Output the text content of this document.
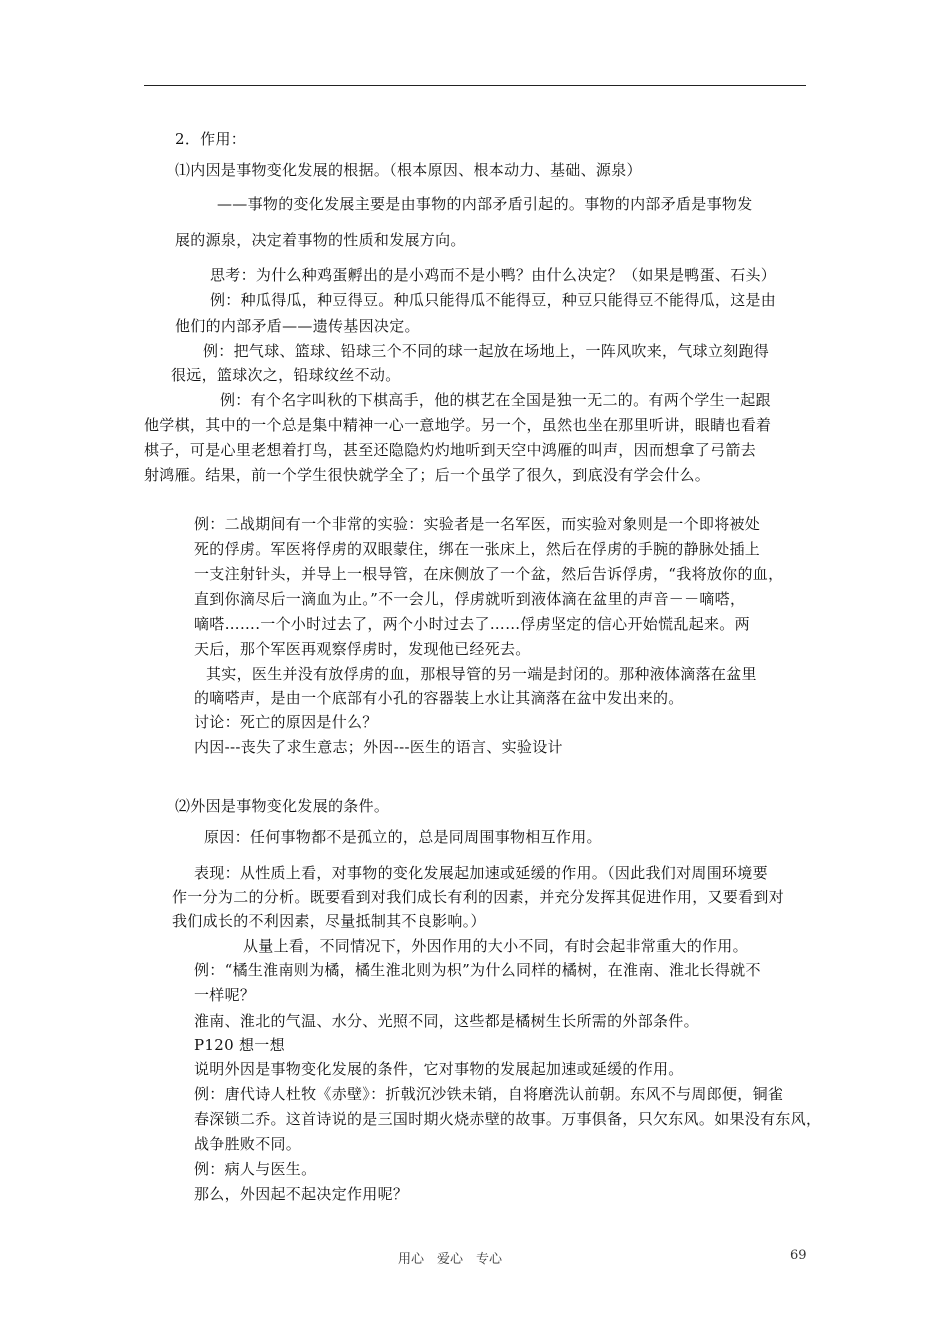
2．作用：
⑴内因是事物变化发展的根据。（根本原因、根本动力、基础、源泉）
——事物的变化发展主要是由事物的内部矛盾引起的。事物的内部矛盾是事物发
展的源泉，决定着事物的性质和发展方向。
思考：为什么种鸡蛋孵出的是小鸡而不是小鸭？由什么决定？（如果是鸭蛋、石头）
例：种瓜得瓜，种豆得豆。种瓜只能得瓜不能得豆，种豆只能得豆不能得瓜，这是由
他们的内部矛盾——遗传基因决定。
例：把气球、篮球、铅球三个不同的球一起放在场地上，一阵风吹来，气球立刻跑得
很远，篮球次之，铅球纹丝不动。
例：有个名字叫秋的下棋高手，他的棋艺在全国是独一无二的。有两个学生一起跟
他学棋，其中的一个总是集中精神一心一意地学。另一个，虽然也坐在那里听讲，眼睛也看着
棋子，可是心里老想着打鸟，甚至还隐隐灼灼地听到天空中鸿雁的叫声，因而想拿了弓箭去
射鸿雁。结果，前一个学生很快就学全了；后一个虽学了很久，到底没有学会什么。
例：二战期间有一个非常的实验：实验者是一名军医，而实验对象则是一个即将被处
死的俘虏。军医将俘虏的双眼蒙住，绑在一张床上，然后在俘虏的手腕的静脉处插上
一支注射针头，并导上一根导管，在床侧放了一个盆，然后告诉俘虏，“我将放你的血，
直到你滴尽后一滴血为止。”不一会儿，俘虏就听到液体滴在盆里的声音－－嘀嗒，
嘀嗒…….一个小时过去了，两个小时过去了……俘虏坚定的信心开始慌乱起来。两
天后，那个军医再观察俘虏时，发现他已经死去。
其实，医生并没有放俘虏的血，那根导管的另一端是封闭的。那种液体滴落在盆里
的嘀嗒声，是由一个底部有小孔的容器装上水让其滴落在盆中发出来的。
讨论：死亡的原因是什么？
内因---丧失了求生意志；外因---医生的语言、实验设计
⑵外因是事物变化发展的条件。
原因：任何事物都不是孤立的，总是同周围事物相互作用。
表现：从性质上看，对事物的变化发展起加速或延缓的作用。（因此我们对周围环境要
作一分为二的分析。既要看到对我们成长有利的因素，并充分发挥其促进作用，又要看到对
我们成长的不利因素，尽量抵制其不良影响。）
从量上看，不同情况下，外因作用的大小不同，有时会起非常重大的作用。
例：“橘生淮南则为橘，橘生淮北则为枳”为什么同样的橘树，在淮南、淮北长得就不
一样呢？
淮南、淮北的气温、水分、光照不同，这些都是橘树生长所需的外部条件。
P120 想一想
说明外因是事物变化发展的条件，它对事物的发展起加速或延缓的作用。
例：唐代诗人杜牧《赤壁》：折戟沉沙铁未销，自将磨洗认前朝。东风不与周郎便，铜雀
春深锁二乔。这首诗说的是三国时期火烧赤壁的故事。万事俱备，只欠东风。如果没有东风，
战争胜败不同。
例：病人与医生。
那么，外因起不起决定作用呢？
用心　爱心　专心	69
